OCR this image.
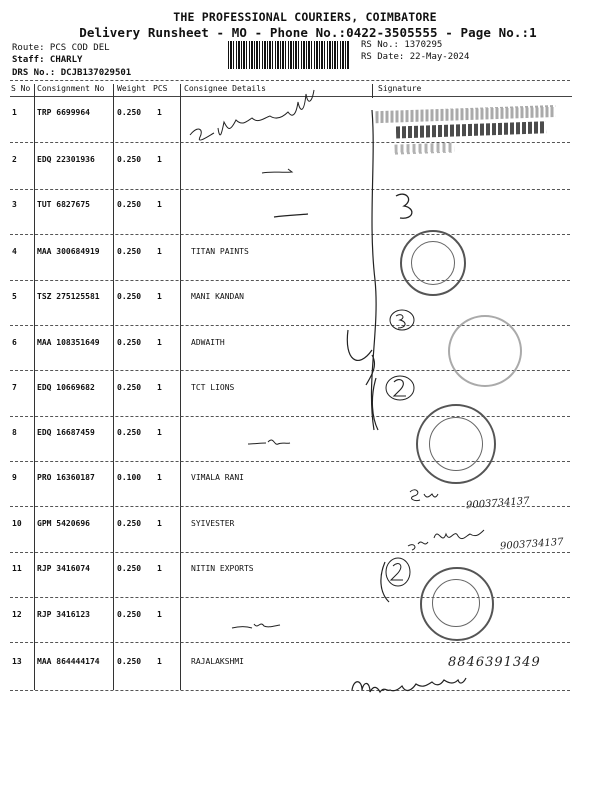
THE PROFESSIONAL COURIERS, COIMBATORE
Delivery Runsheet - MO - Phone No.:0422-3505555 - Page No.:1
Route: PCS COD DEL
Staff: CHARLY
DRS No.: DCJB137029501
RS No.: 1370295
RS Date: 22-May-2024
S No Consignment No Weight PCS Consignee Details	Signature
1	TRP 6699964	0.250 1
2	EDQ 22301936	0.250 1
3	TUT 6827675	0.250 1
4	MAA 300684919 0.250 1	TITAN PAINTS
5	TSZ 275125581 0.250 1	MANI KANDAN
6	MAA 108351649 0.250 1	ADWAITH
7	EDQ 10669682	0.250 1	TCT LIONS
8	EDQ 16687459	0.250 1
9	PRO 16360187	0.100 1	VIMALA RANI
10 GPM 5420696	0.250 1	SYIVESTER
11 RJP 3416074	0.250 1	NITIN EXPORTS
12 RJP 3416123	0.250 1
13 MAA 864444174 0.250 1	RAJALAKSHMI
9003734137
9003734137
8846391349
